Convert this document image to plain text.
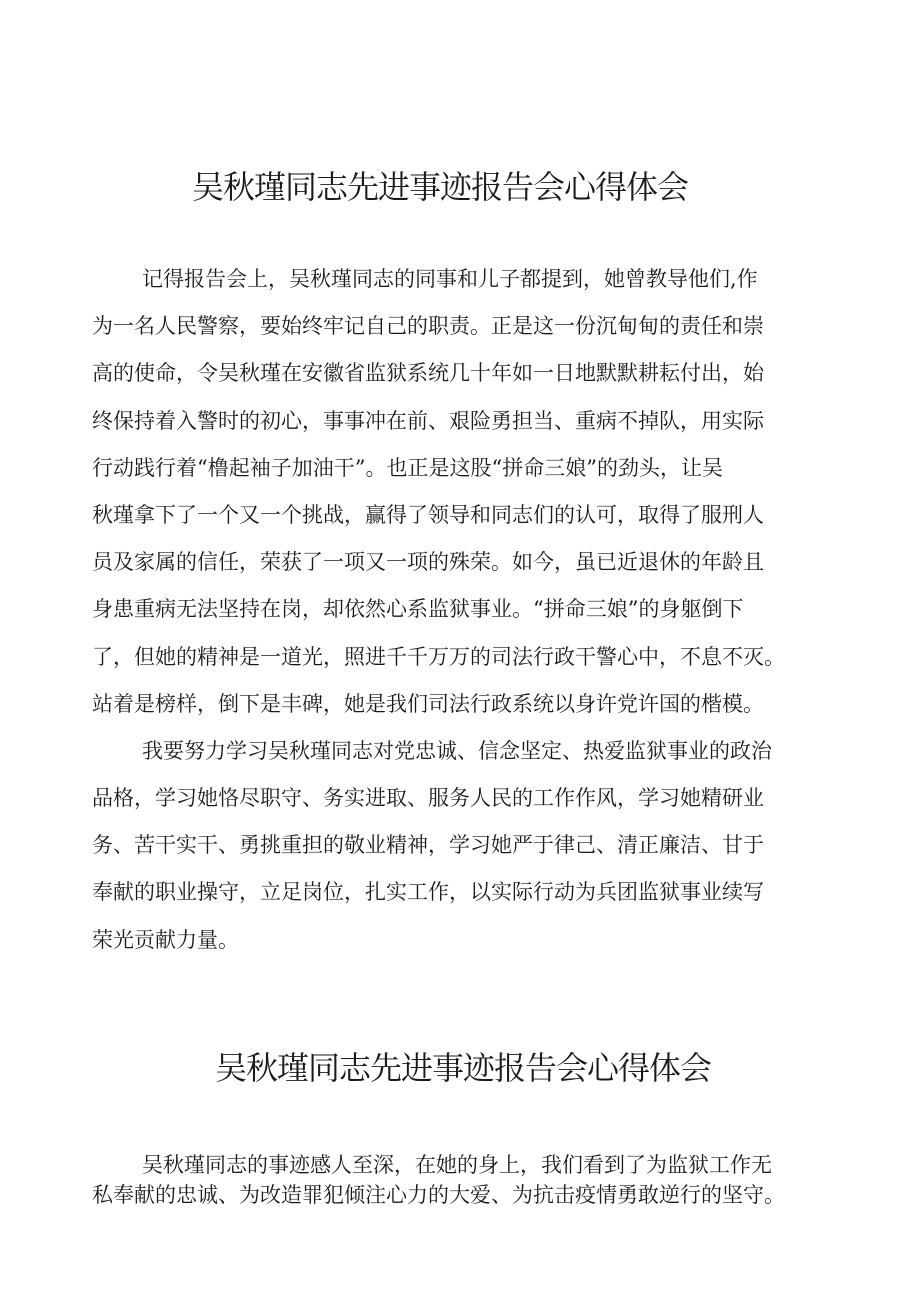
吴秋瑾同志先进事迹报告会心得体会
记得报告会上，吴秋瑾同志的同事和儿子都提到，她曾教导他们,作
为一名人民警察，要始终牢记自己的职责。正是这一份沉甸甸的责任和崇
高的使命，令吴秋瑾在安徽省监狱系统几十年如一日地默默耕耘付出，始
终保持着入警时的初心，事事冲在前、艰险勇担当、重病不掉队，用实际
行动践行着“橹起袖子加油干”。也正是这股“拼命三娘”的劲头，让吴
秋瑾拿下了一个又一个挑战，赢得了领导和同志们的认可，取得了服刑人
员及家属的信任，荣获了一项又一项的殊荣。如今，虽已近退休的年龄且
身患重病无法坚持在岗，却依然心系监狱事业。“拼命三娘”的身躯倒下
了，但她的精神是一道光，照进千千万万的司法行政干警心中，不息不灭。
站着是榜样，倒下是丰碑，她是我们司法行政系统以身许党许国的楷模。
我要努力学习吴秋瑾同志对党忠诚、信念坚定、热爱监狱事业的政治
品格，学习她恪尽职守、务实进取、服务人民的工作作风，学习她精研业
务、苦干实干、勇挑重担的敬业精神，学习她严于律己、清正廉洁、甘于
奉献的职业操守，立足岗位，扎实工作，以实际行动为兵团监狱事业续写
荣光贡献力量。
吴秋瑾同志先进事迹报告会心得体会
吴秋瑾同志的事迹感人至深，在她的身上，我们看到了为监狱工作无
私奉献的忠诚、为改造罪犯倾注心力的大爱、为抗击疫情勇敢逆行的坚守。
